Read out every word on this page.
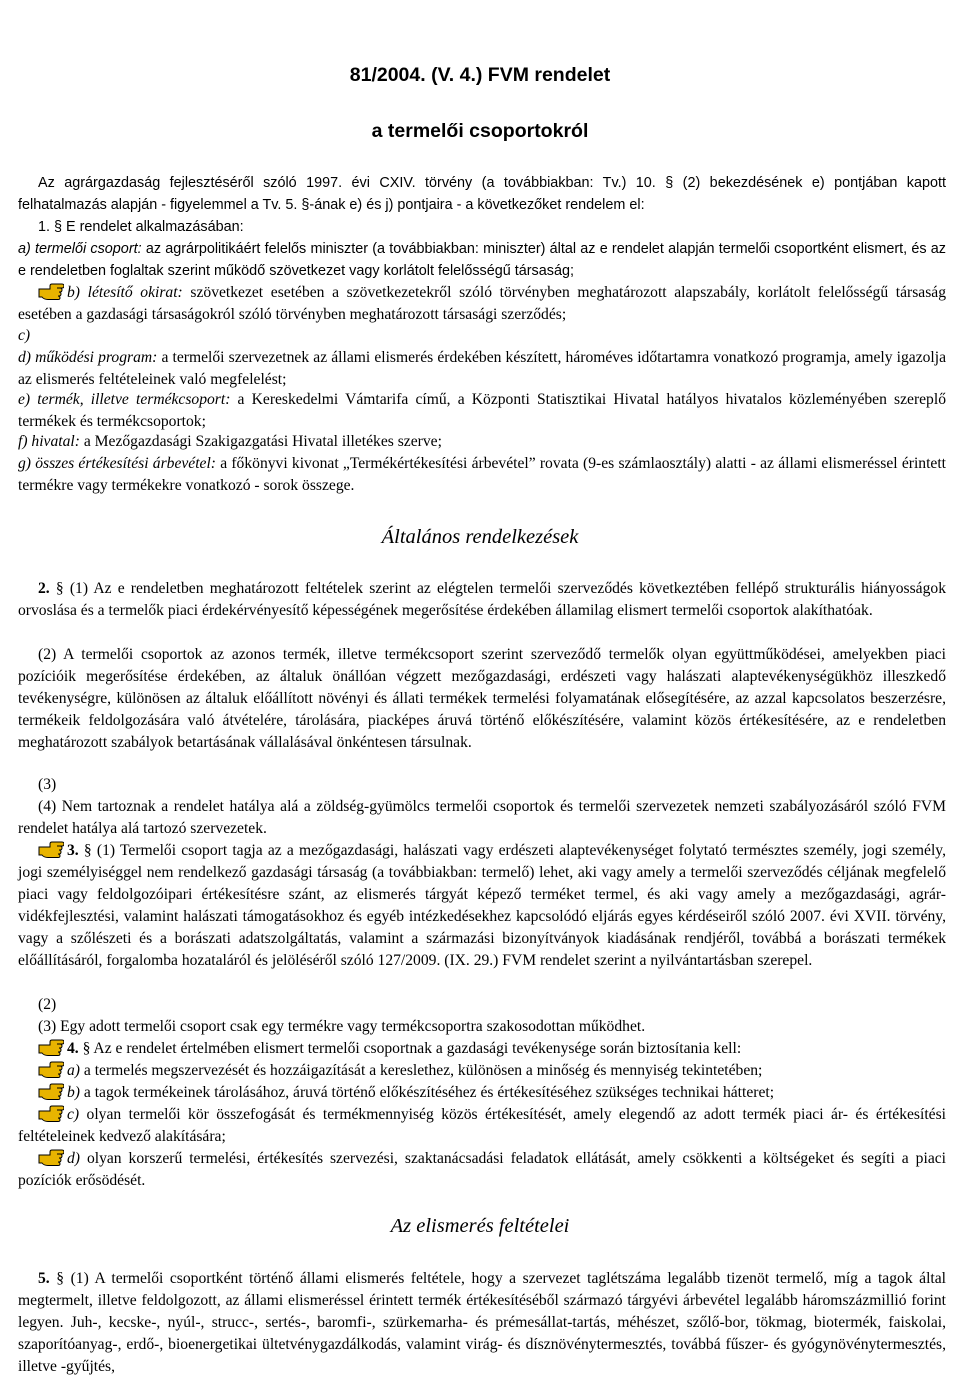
81/2004. (V. 4.) FVM rendelet
a termelői csoportokról

Az agrárgazdaság fejlesztéséről szóló 1997. évi CXIV. törvény (a továbbiakban: Tv.) 10. § (2) bekezdésének e) pontjában kapott felhatalmazás alapján - figyelemmel a Tv. 5. §-ának e) és j) pontjaira - a következőket rendelem el:

1. § E rendelet alkalmazásában:

a) termelői csoport: az agrárpolitikáért felelős miniszter (a továbbiakban: miniszter) által az e rendelet alapján termelői csoportként elismert, és az e rendeletben foglaltak szerint működő szövetkezet vagy korlátolt felelősségű társaság;

b) létesítő okirat: szövetkezet esetében a szövetkezetekről szóló törvényben meghatározott alapszabály, korlátolt felelősségű társaság esetében a gazdasági társaságokról szóló törvényben meghatározott társasági szerződés;

c)

d) működési program: a termelői szervezetnek az állami elismerés érdekében készített, hároméves időtartamra vonatkozó programja, amely igazolja az elismerés feltételeinek való megfelelést;

e) termék, illetve termékcsoport: a Kereskedelmi Vámtarifa című, a Központi Statisztikai Hivatal hatályos hivatalos közleményében szereplő termékek és termékcsoportok;

f) hivatal: a Mezőgazdasági Szakigazgatási Hivatal illetékes szerve;

g) összes értékesítési árbevétel: a főkönyvi kivonat „Termékértékesítési árbevétel” rovata (9-es számlaosztály) alatti - az állami elismeréssel érintett termékre vagy termékekre vonatkozó - sorok összege.

Általános rendelkezések

2. § (1) Az e rendeletben meghatározott feltételek szerint az elégtelen termelői szerveződés következtében fellépő strukturális hiányosságok orvoslása és a termelők piaci érdekérvényesítő képességének megerősítése érdekében államilag elismert termelői csoportok alakíthatóak.

(2) A termelői csoportok az azonos termék, illetve termékcsoport szerint szerveződő termelők olyan együttműködései, amelyekben piaci pozícióik megerősítése érdekében, az általuk önállóan végzett mezőgazdasági, erdészeti vagy halászati alaptevékenységükhöz illeszkedő tevékenységre, különösen az általuk előállított növényi és állati termékek termelési folyamatának elősegítésére, az azzal kapcsolatos beszerzésre, termékeik feldolgozására való átvételére, tárolására, piacképes áruvá történő előkészítésére, valamint közös értékesítésére, az e rendeletben meghatározott szabályok betartásának vállalásával önkéntesen társulnak.

(3)

(4) Nem tartoznak a rendelet hatálya alá a zöldség-gyümölcs termelői csoportok és termelői szervezetek nemzeti szabályozásáról szóló FVM rendelet hatálya alá tartozó szervezetek.

3. § (1) Termelői csoport tagja az a mezőgazdasági, halászati vagy erdészeti alaptevékenységet folytató természtes személy, jogi személy, jogi személyiséggel nem rendelkező gazdasági társaság (a továbbiakban: termelő) lehet, aki vagy amely a termelői szerveződés céljának megfelelő piaci vagy feldolgozóipari értékesítésre szánt, az elismerés tárgyát képező terméket termel, és aki vagy amely a mezőgazdasági, agrár-vidékfejlesztési, valamint halászati támogatásokhoz és egyéb intézkedésekhez kapcsolódó eljárás egyes kérdéseiről szóló 2007. évi XVII. törvény, vagy a szőlészeti és a borászati adatszolgáltatás, valamint a származási bizonyítványok kiadásának rendjéről, továbbá a borászati termékek előállításáról, forgalomba hozataláról és jelöléséről szóló 127/2009. (IX. 29.) FVM rendelet szerint a nyilvántartásban szerepel.

(2)

(3) Egy adott termelői csoport csak egy termékre vagy termékcsoportra szakosodottan működhet.

4. § Az e rendelet értelmében elismert termelői csoportnak a gazdasági tevékenysége során biztosítania kell:

a) a termelés megszervezését és hozzáigazítását a kereslethez, különösen a minőség és mennyiség tekintetében;

b) a tagok termékeinek tárolásához, áruvá történő előkészítéséhez és értékesítéséhez szükséges technikai hátteret;

c) olyan termelői kör összefogását és termékmennyiség közös értékesítését, amely elegendő az adott termék piaci ár- és értékesítési feltételeinek kedvező alakítására;

d) olyan korszerű termelési, értékesítés szervezési, szaktanácsadási feladatok ellátását, amely csökkenti a költségeket és segíti a piaci pozíciók erősödését.

Az elismerés feltételei

5. § (1) A termelői csoportként történő állami elismerés feltétele, hogy a szervezet taglétszáma legalább tizenöt termelő, míg a tagok által megtermelt, illetve feldolgozott, az állami elismeréssel érintett termék értékesítéséből származó tárgyévi árbevétel legalább háromszázmillió forint legyen. Juh-, kecske-, nyúl-, strucc-, sertés-, baromfi-, szürkemarha- és prémesállat-tartás, méhészet, szőlő-bor, tökmag, biotermék, faiskolai, szaporítóanyag-, erdő-, bioenergetikai ültetvénygazdálkodás, valamint virág- és dísznövénytermesztés, továbbá fűszer- és gyógynövénytermesztés, illetve -gyűjtés,
